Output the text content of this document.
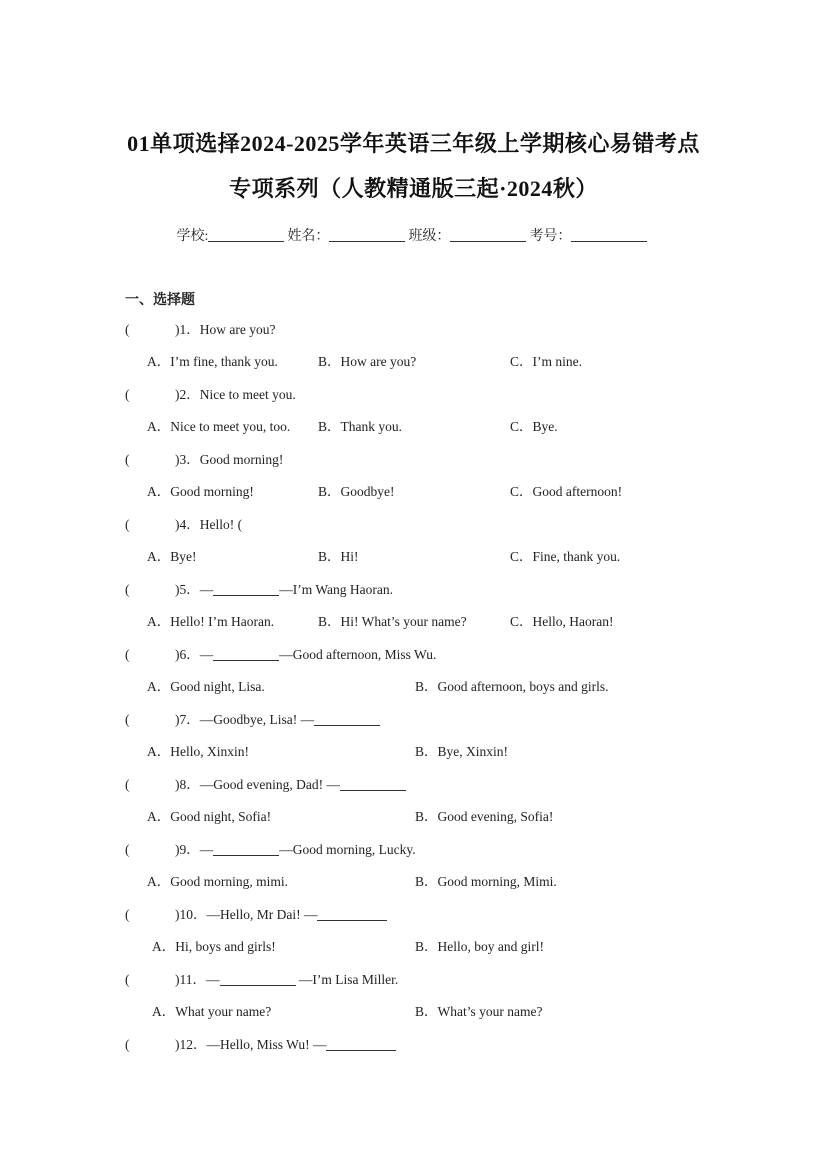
01单项选择2024-2025学年英语三年级上学期核心易错考点
专项系列（人教精通版三起·2024秋）
学校:	姓名：	班级：	考号：
一、选择题
(	)1．How are you?
A．I’m fine, thank you.	B．How are you?	C．I’m nine.
(	)2．Nice to meet you.
A．Nice to meet you, too. B．Thank you.	C．Bye.
(	)3．Good morning!
A．Good morning!	B．Goodbye!	C．Good afternoon!
(	)4．Hello! (
A．Bye!	B．Hi!	C．Fine, thank you.
(	)5．—	—I’m Wang Haoran.
A．Hello! I’m Haoran.	B．Hi! What’s your name?	C．Hello, Haoran!
(	)6．—	—Good afternoon, Miss Wu.
A．Good night, Lisa.	B．Good afternoon, boys and girls.
(	)7．—Goodbye, Lisa! —
A．Hello, Xinxin!	B．Bye, Xinxin!
(	)8．—Good evening, Dad! —
A．Good night, Sofia!	B．Good evening, Sofia!
(	)9．—	—Good morning, Lucky.
A．Good morning, mimi.	B．Good morning, Mimi.
(	)10．—Hello, Mr Dai! —
A．Hi, boys and girls!	B．Hello, boy and girl!
(	)11．—	—I’m Lisa Miller.
A．What your name?	B．What’s your name?
(	)12．—Hello, Miss Wu! —
